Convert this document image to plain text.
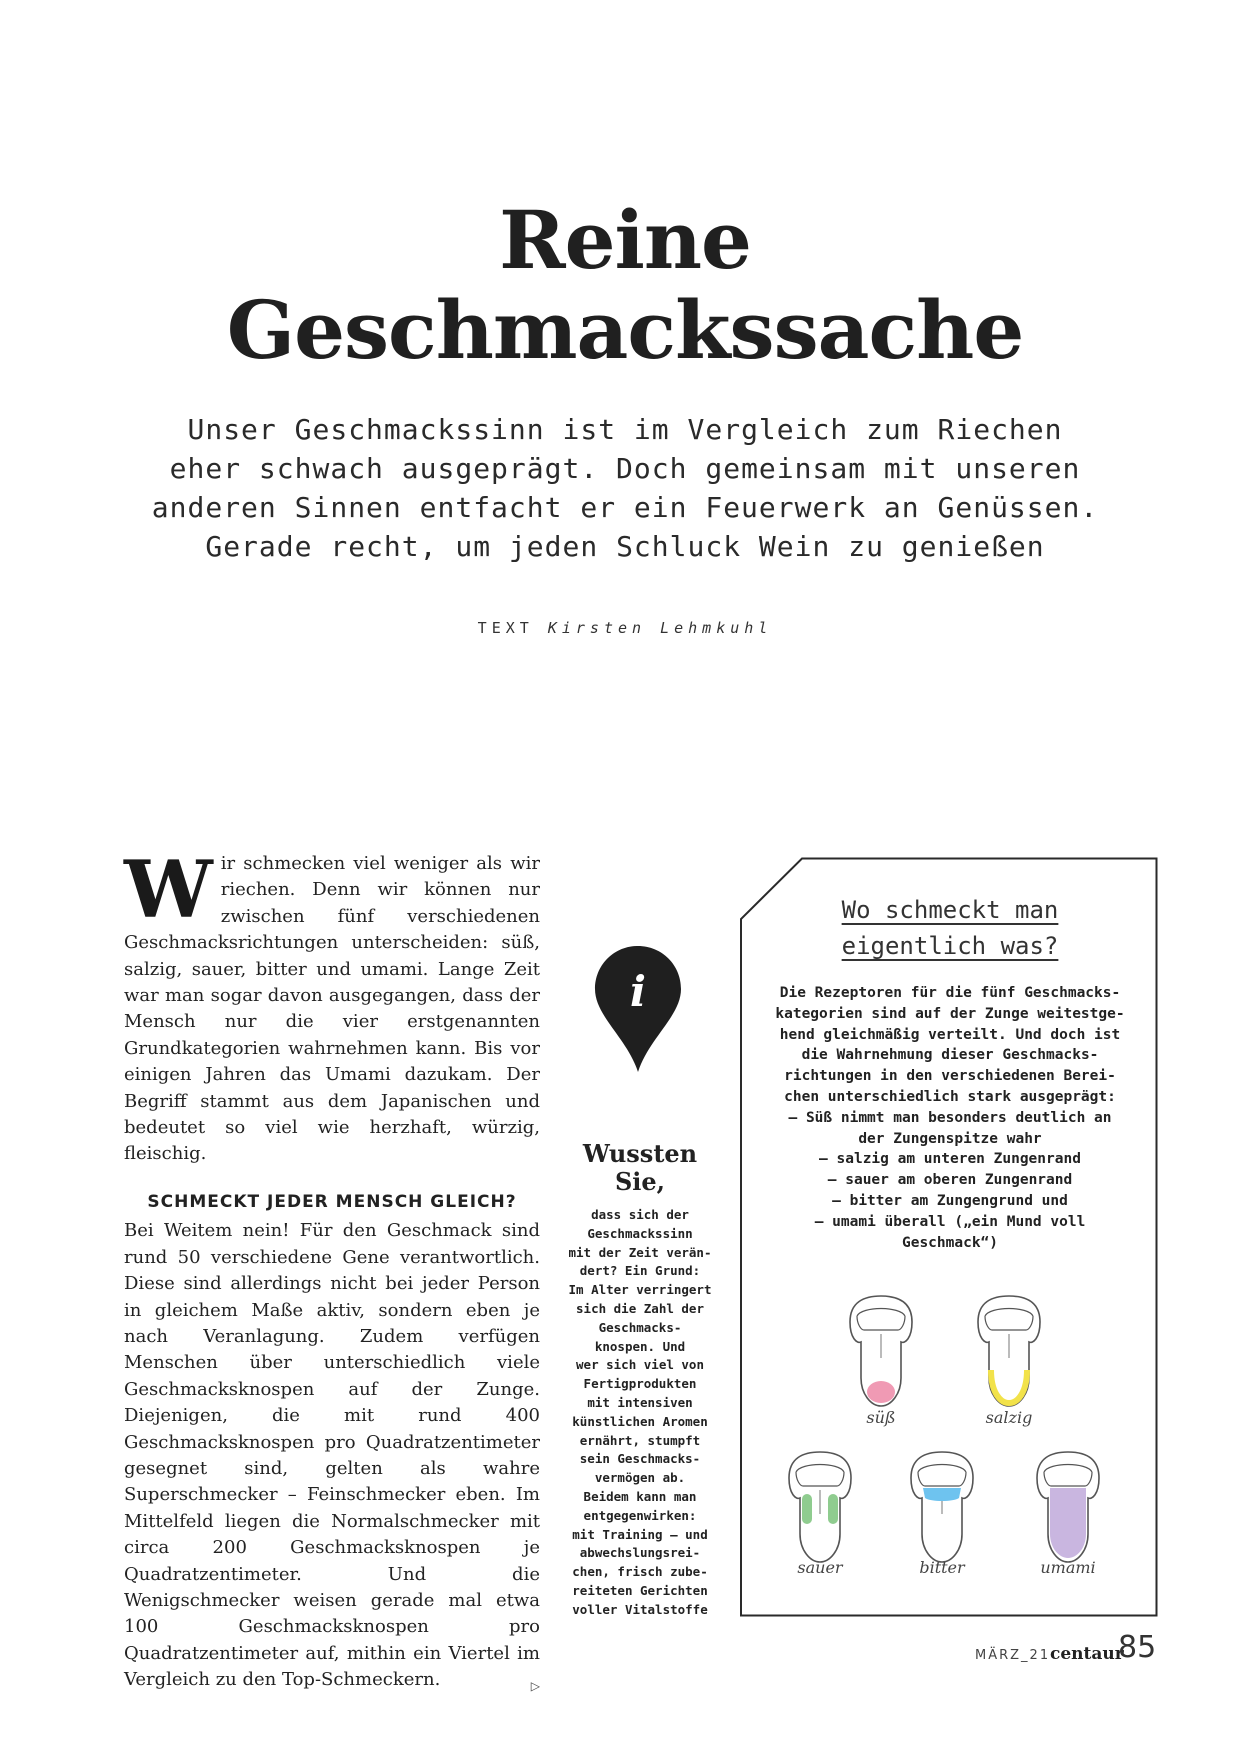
Reine
Geschmackssache
Unser Geschmackssinn ist im Vergleich zum Riechen
eher schwach ausgeprägt. Doch gemeinsam mit unseren
anderen Sinnen entfacht er ein Feuerwerk an Genüssen.
Gerade recht, um jeden Schluck Wein zu genießen
TEXT Kirsten Lehmkuhl

Wir schmecken viel weniger als wir riechen. Denn wir können nur zwischen fünf verschiedenen Geschmacksrichtungen unterscheiden: süß, salzig, sauer, bitter und umami. Lange Zeit war man sogar davon ausgegangen, dass der Mensch nur die vier erstgenannten Grundkategorien wahrnehmen kann. Bis vor einigen Jahren das Umami dazukam. Der Begriff stammt aus dem Japanischen und bedeutet so viel wie herzhaft, würzig, fleischig.

SCHMECKT JEDER MENSCH GLEICH?

Bei Weitem nein! Für den Geschmack sind rund 50 verschiedene Gene verantwortlich. Diese sind allerdings nicht bei jeder Person in gleichem Maße aktiv, sondern eben je nach Veranlagung. Zudem verfügen Menschen über unterschiedlich viele Geschmacksknospen auf der Zunge. Diejenigen, die mit rund 400 Geschmacksknospen pro Quadratzentimeter gesegnet sind, gelten als wahre Superschmecker – Feinschmecker eben. Im Mittelfeld liegen die Normalschmecker mit circa 200 Geschmacksknospen je Quadratzentimeter. Und die Wenigschmecker weisen gerade mal etwa 100 Geschmacksknospen pro Quadratzentimeter auf, mithin ein Viertel im Vergleich zu den Top-Schmeckern.	▷

i
Wussten
Sie,
dass sich der
Geschmackssinn
mit der Zeit verän-
dert? Ein Grund:
Im Alter verringert
sich die Zahl der
Geschmacks-
knospen. Und
wer sich viel von
Fertigprodukten
mit intensiven
künstlichen Aromen
ernährt, stumpft
sein Geschmacks-
vermögen ab.
Beidem kann man
entgegenwirken:
mit Training – und
abwechslungsrei-
chen, frisch zube-
reiteten Gerichten
voller Vitalstoffe
Wo schmeckt man
eigentlich was?
Die Rezeptoren für die fünf Geschmacks-
kategorien sind auf der Zunge weitestge-
hend gleichmäßig verteilt. Und doch ist
die Wahrnehmung dieser Geschmacks-
richtungen in den verschiedenen Berei-
chen unterschiedlich stark ausgeprägt:
– Süß nimmt man besonders deutlich an
der Zungenspitze wahr
– salzig am unteren Zungenrand
– sauer am oberen Zungenrand
– bitter am Zungengrund und
– umami überall („ein Mund voll
Geschmack“)
süß	salzig
sauer	bitter	umami
MÄRZ_21 centaur
85
